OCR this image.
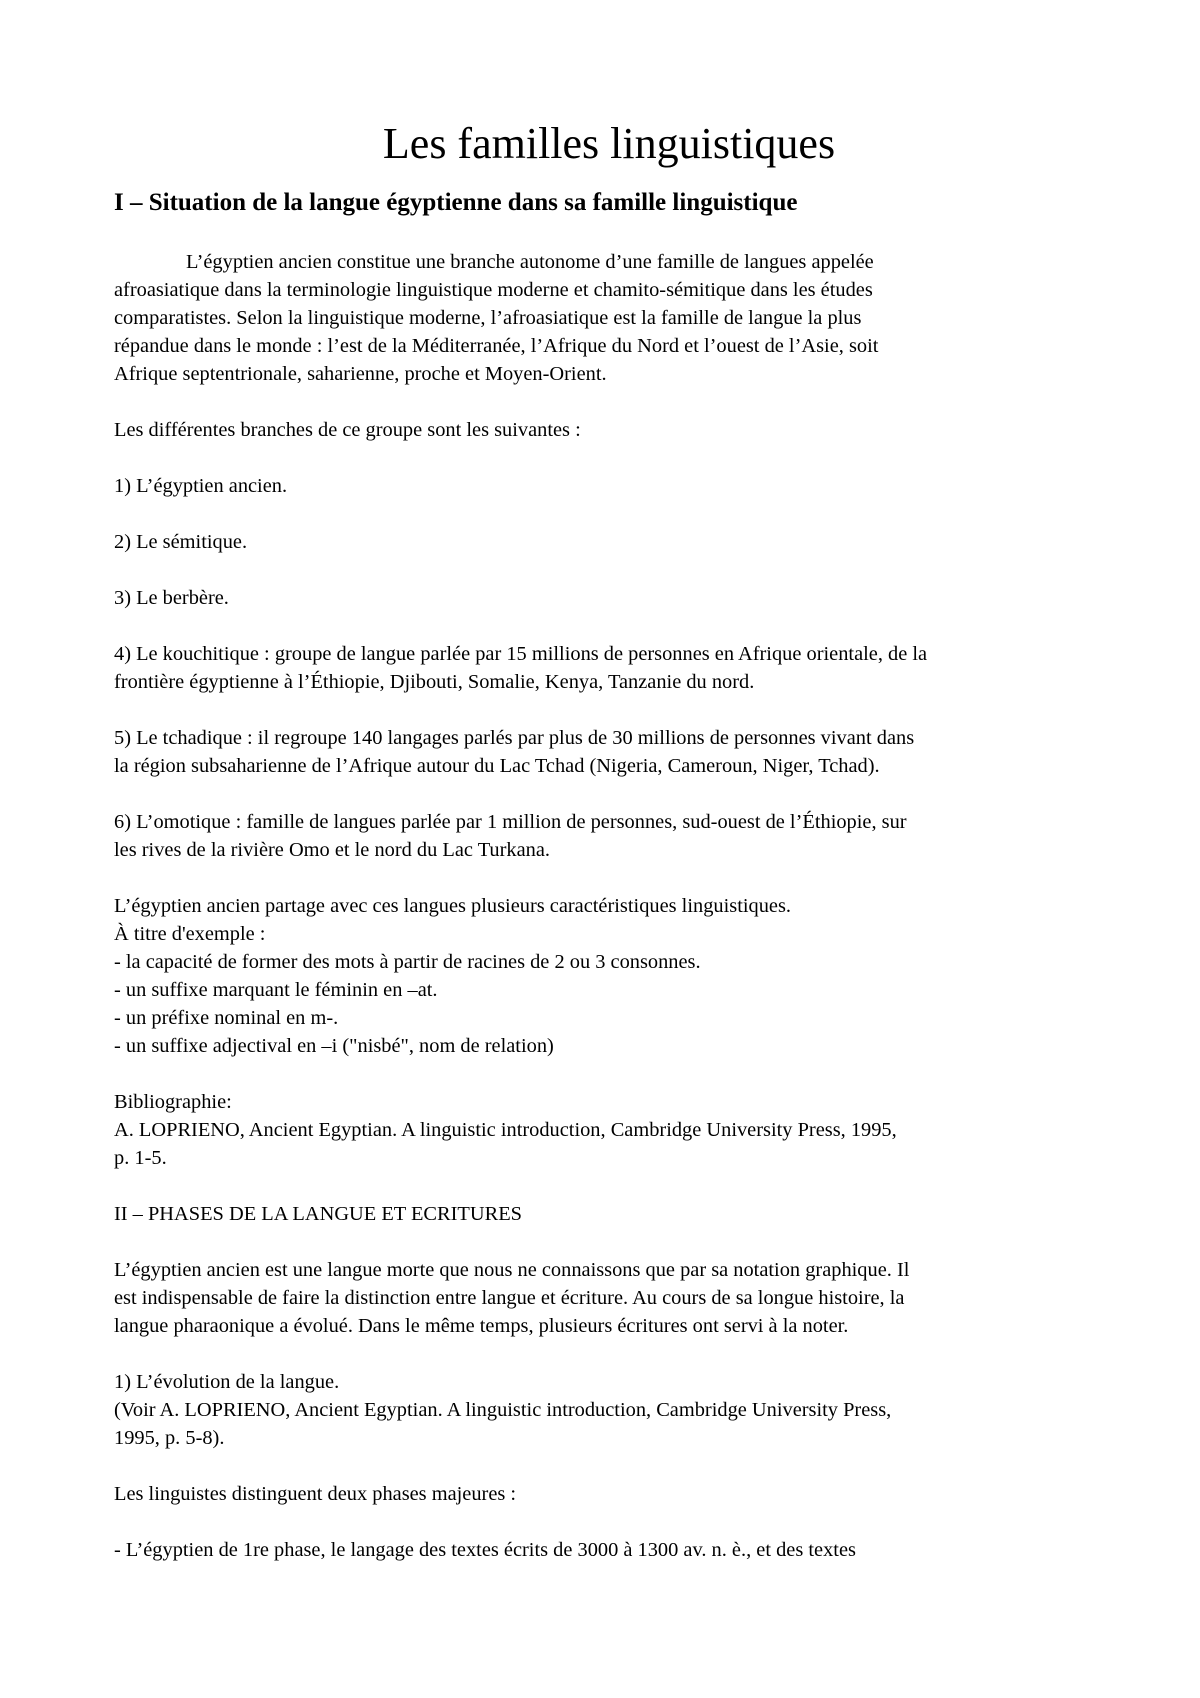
Les familles linguistiques
I – Situation de la langue égyptienne dans sa famille linguistique

L’égyptien ancien constitue une branche autonome d’une famille de langues appelée
afroasiatique dans la terminologie linguistique moderne et chamito-sémitique dans les études
comparatistes. Selon la linguistique moderne, l’afroasiatique est la famille de langue la plus
répandue dans le monde : l’est de la Méditerranée, l’Afrique du Nord et l’ouest de l’Asie, soit
Afrique septentrionale, saharienne, proche et Moyen-Orient.

Les différentes branches de ce groupe sont les suivantes :

1) L’égyptien ancien.

2) Le sémitique.

3) Le berbère.

4) Le kouchitique : groupe de langue parlée par 15 millions de personnes en Afrique orientale, de la
frontière égyptienne à l’Éthiopie, Djibouti, Somalie, Kenya, Tanzanie du nord.

5) Le tchadique : il regroupe 140 langages parlés par plus de 30 millions de personnes vivant dans
la région subsaharienne de l’Afrique autour du Lac Tchad (Nigeria, Cameroun, Niger, Tchad).

6) L’omotique : famille de langues parlée par 1 million de personnes, sud-ouest de l’Éthiopie, sur
les rives de la rivière Omo et le nord du Lac Turkana.

L’égyptien ancien partage avec ces langues plusieurs caractéristiques linguistiques.
À titre d'exemple :
- la capacité de former des mots à partir de racines de 2 ou 3 consonnes.
- un suffixe marquant le féminin en –at.
- un préfixe nominal en m-.
- un suffixe adjectival en –i ("nisbé", nom de relation)

Bibliographie:
A. LOPRIENO, Ancient Egyptian. A linguistic introduction, Cambridge University Press, 1995,
p. 1-5.

II – PHASES DE LA LANGUE ET ECRITURES

L’égyptien ancien est une langue morte que nous ne connaissons que par sa notation graphique. Il
est indispensable de faire la distinction entre langue et écriture. Au cours de sa longue histoire, la
langue pharaonique a évolué. Dans le même temps, plusieurs écritures ont servi à la noter.

1) L’évolution de la langue.
(Voir A. LOPRIENO, Ancient Egyptian. A linguistic introduction, Cambridge University Press,
1995, p. 5-8).

Les linguistes distinguent deux phases majeures :

- L’égyptien de 1re phase, le langage des textes écrits de 3000 à 1300 av. n. è., et des textes
